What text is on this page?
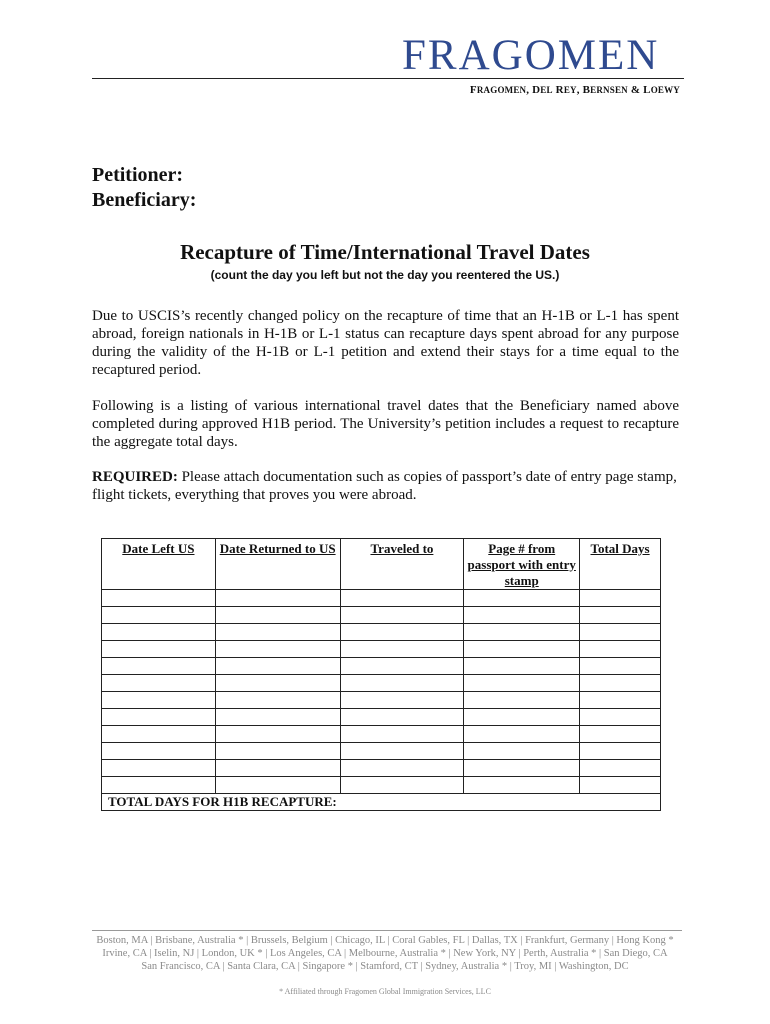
FRAGOMEN
FRAGOMEN, DEL REY, BERNSEN & LOEWY
Petitioner:
Beneficiary:
Recapture of Time/International Travel Dates
(count the day you left but not the day you reentered the US.)

Due to USCIS’s recently changed policy on the recapture of time that an H-1B or L-1 has spent abroad, foreign nationals in H-1B or L-1 status can recapture days spent abroad for any purpose during the validity of the H-1B or L-1 petition and extend their stays for a time equal to the recaptured period.

Following is a listing of various international travel dates that the Beneficiary named above completed during approved H1B period. The University’s petition includes a request to recapture the aggregate total days.

REQUIRED: Please attach documentation such as copies of passport’s date of entry page stamp, flight tickets, everything that proves you were abroad.

Date Left US	Date Returned to US	Traveled to	Page # from passport with entry stamp	Total Days

TOTAL DAYS FOR H1B RECAPTURE:				
Boston, MA | Brisbane, Australia * | Brussels, Belgium | Chicago, IL | Coral Gables, FL | Dallas, TX | Frankfurt, Germany | Hong Kong *
Irvine, CA | Iselin, NJ | London, UK * | Los Angeles, CA | Melbourne, Australia * | New York, NY | Perth, Australia * | San Diego, CA
San Francisco, CA | Santa Clara, CA | Singapore * | Stamford, CT | Sydney, Australia * | Troy, MI | Washington, DC
* Affiliated through Fragomen Global Immigration Services, LLC
